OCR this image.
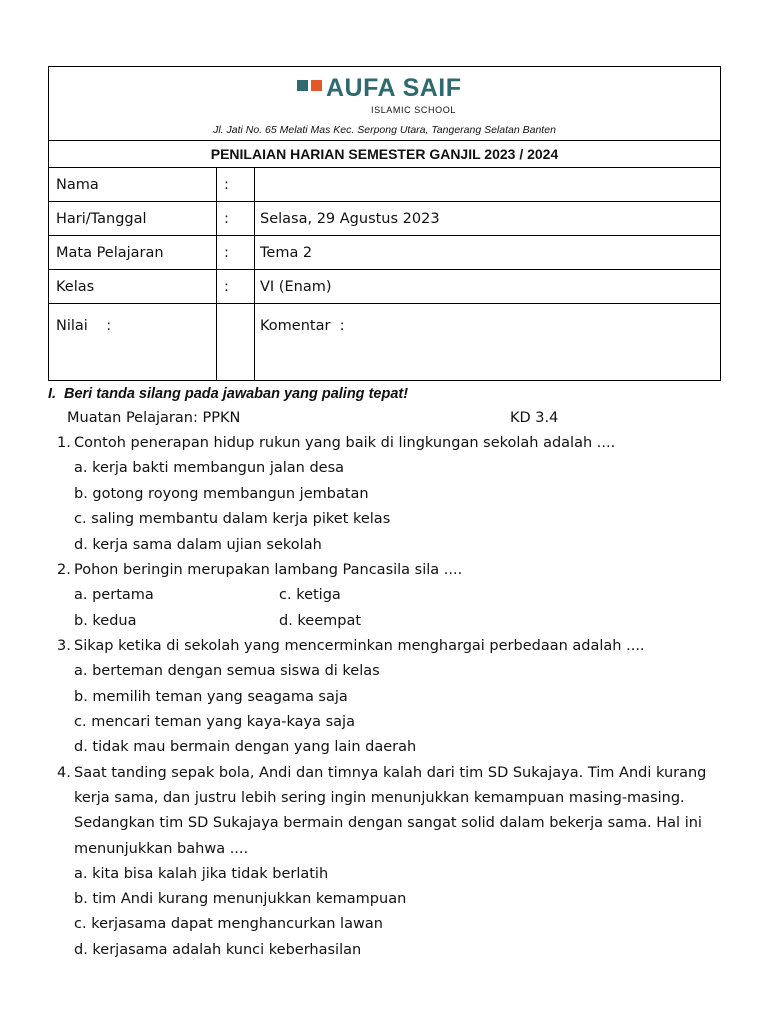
AUFA SAIF
ISLAMIC SCHOOL
Jl. Jati No. 65 Melati Mas Kec. Serpong Utara, Tangerang Selatan Banten		

PENILAIAN HARIAN SEMESTER GANJIL 2023 / 2024		
Nama	:	
Hari/Tanggal	:	Selasa, 29 Agustus 2023
Mata Pelajaran	:	Tema 2
Kelas	:	VI (Enam)

Nilai    :		Komentar  :
I. Beri tanda silang pada jawaban yang paling tepat!
Muatan Pelajaran: PPKN	KD 3.4
1. Contoh penerapan hidup rukun yang baik di lingkungan sekolah adalah ....
a. kerja bakti membangun jalan desa
b. gotong royong membangun jembatan
c. saling membantu dalam kerja piket kelas
d. kerja sama dalam ujian sekolah
2. Pohon beringin merupakan lambang Pancasila sila ....
a. pertama	c. ketiga
b. kedua	d. keempat
3. Sikap ketika di sekolah yang mencerminkan menghargai perbedaan adalah ....
a. berteman dengan semua siswa di kelas
b. memilih teman yang seagama saja
c. mencari teman yang kaya-kaya saja
d. tidak mau bermain dengan yang lain daerah
4. Saat tanding sepak bola, Andi dan timnya kalah dari tim SD Sukajaya. Tim Andi kurang
kerja sama, dan justru lebih sering ingin menunjukkan kemampuan masing-masing.
Sedangkan tim SD Sukajaya bermain dengan sangat solid dalam bekerja sama. Hal ini
menunjukkan bahwa ....
a. kita bisa kalah jika tidak berlatih
b. tim Andi kurang menunjukkan kemampuan
c. kerjasama dapat menghancurkan lawan
d. kerjasama adalah kunci keberhasilan
